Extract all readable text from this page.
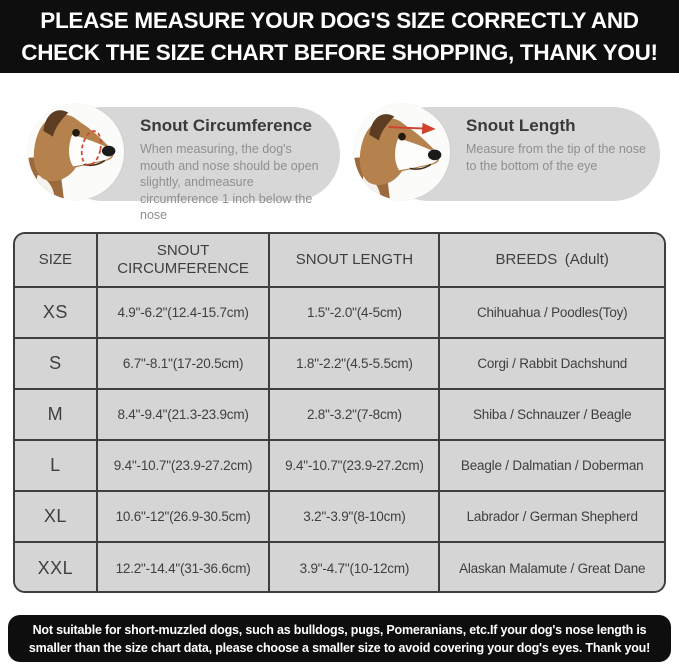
PLEASE MEASURE YOUR DOG'S SIZE CORRECTLY AND
CHECK THE SIZE CHART BEFORE SHOPPING, THANK YOU!
Snout Circumference
When measuring, the dog's mouth and nose should be open slightly, andmeasure circumference 1 inch below the nose
Snout Length
Measure from the tip of the nose to the bottom of the eye
SIZE	SNOUT CIRCUMFERENCE	SNOUT LENGTH	BREEDS (Adult)
XS	4.9"-6.2"(12.4-15.7cm)	1.5"-2.0"(4-5cm)	Chihuahua / Poodles(Toy)
S	6.7"-8.1"(17-20.5cm)	1.8"-2.2"(4.5-5.5cm)	Corgi / Rabbit Dachshund
M	8.4"-9.4"(21.3-23.9cm)	2.8"-3.2"(7-8cm)	Shiba / Schnauzer / Beagle
L	9.4"-10.7"(23.9-27.2cm)	9.4"-10.7"(23.9-27.2cm)	Beagle / Dalmatian / Doberman
XL	10.6"-12"(26.9-30.5cm)	3.2"-3.9"(8-10cm)	Labrador / German Shepherd
XXL	12.2"-14.4"(31-36.6cm)	3.9"-4.7"(10-12cm)	Alaskan Malamute / Great Dane
Not suitable for short-muzzled dogs, such as bulldogs, pugs, Pomeranians, etc.If your dog's nose length is
smaller than the size chart data, please choose a smaller size to avoid covering your dog's eyes. Thank you!
